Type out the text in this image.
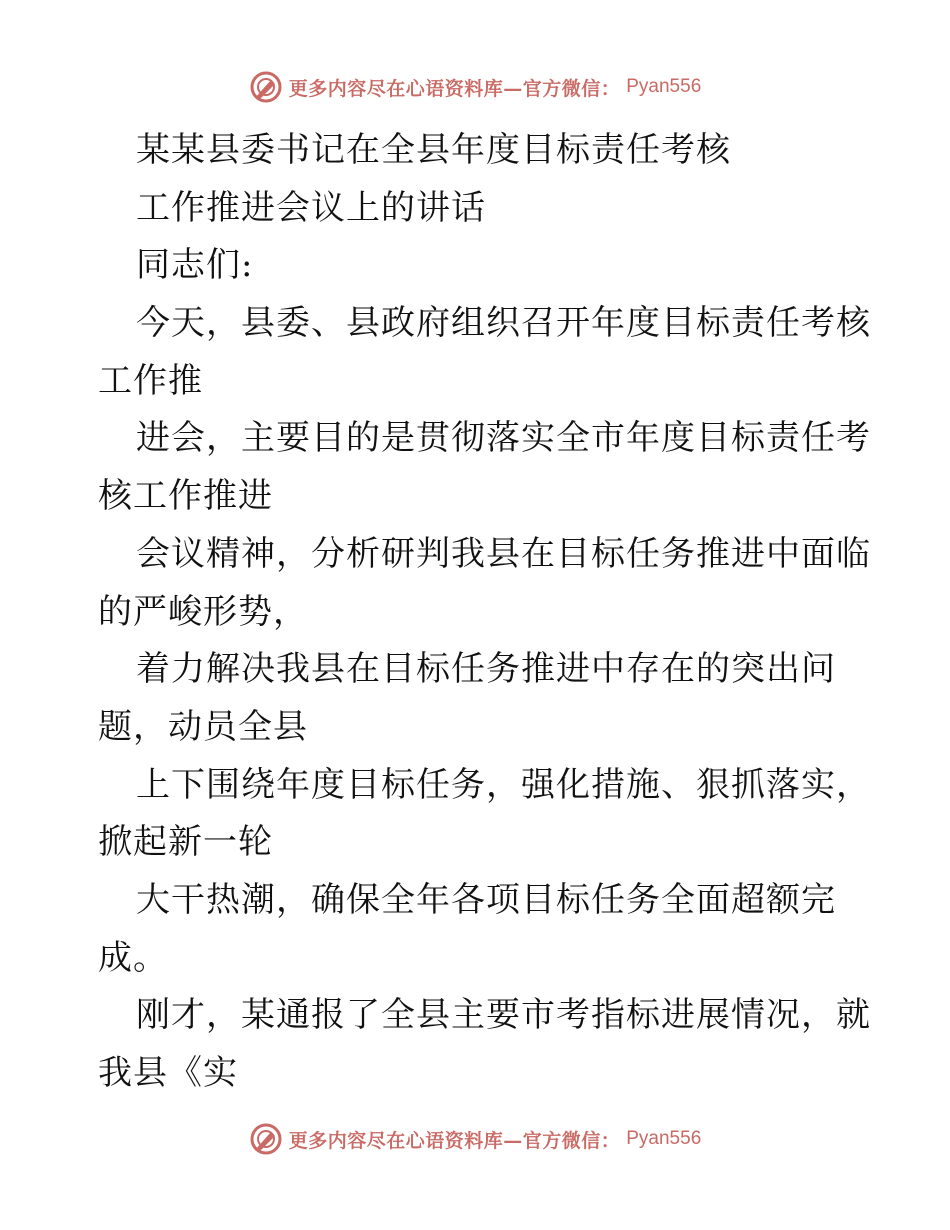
更多内容尽在心语资料库—官方微信： Pyan556
某某县委书记在全县年度目标责任考核
工作推进会议上的讲话
同志们:
今天，县委、县政府组织召开年度目标责任考核
工作推
进会，主要目的是贯彻落实全市年度目标责任考
核工作推进
会议精神，分析研判我县在目标任务推进中面临
的严峻形势，
着力解决我县在目标任务推进中存在的突出问
题，动员全县
上下围绕年度目标任务，强化措施、狠抓落实，
掀起新一轮
大干热潮，确保全年各项目标任务全面超额完
成。
刚才，某通报了全县主要市考指标进展情况，就
我县《实
更多内容尽在心语资料库—官方微信： Pyan556
